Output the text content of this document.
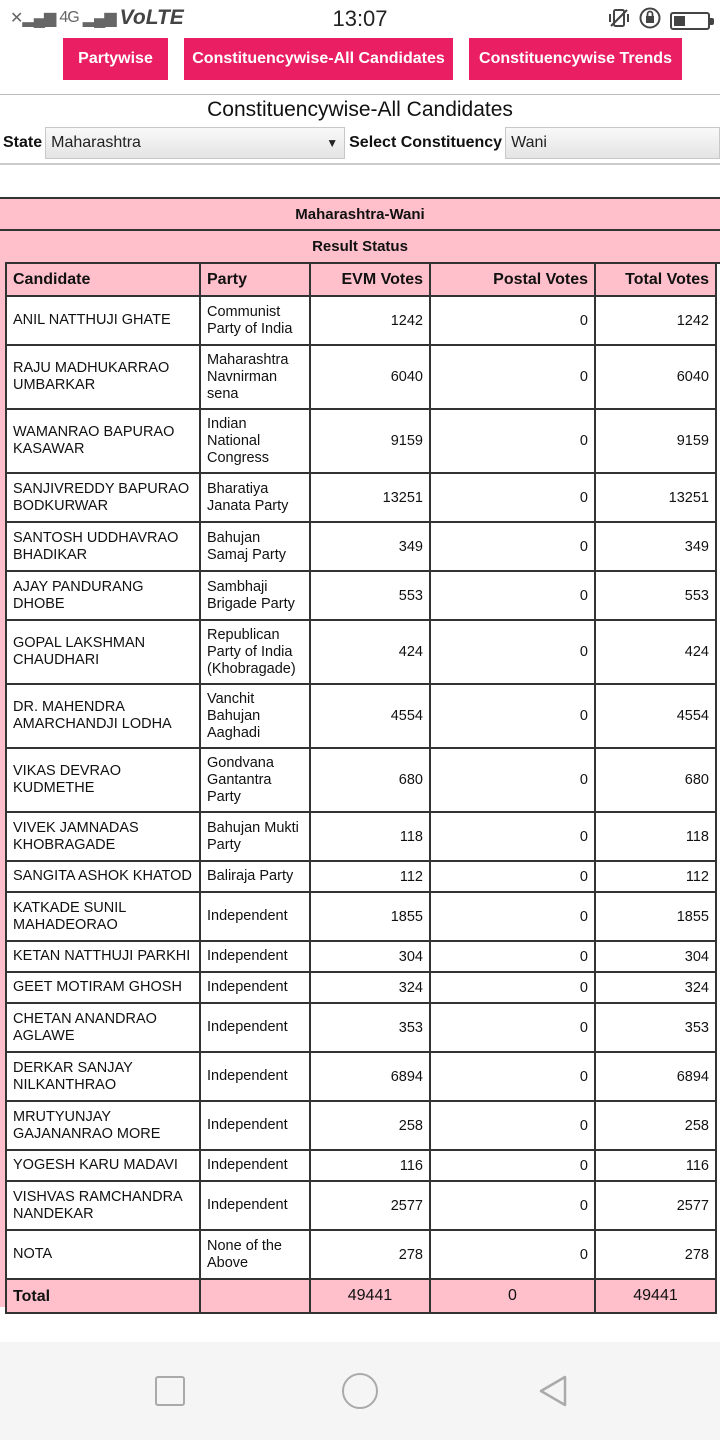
✕▂▄▆ 4G ▂▄▆ VoLTE	13:07
Partywise	Constituencywise-All Candidates	Constituencywise Trends
Constituencywise-All Candidates
State Maharashtra	▼ Select Constituency Wani
Maharashtra-Wani
Result Status
Candidate	Party	EVM Votes	Postal Votes	Total Votes
ANIL NATTHUJI GHATE	Communist Party of India	1242	0	1242
RAJU MADHUKARRAO UMBARKAR	Maharashtra Navnirman sena	6040	0	6040
WAMANRAO BAPURAO KASAWAR	Indian National Congress	9159	0	9159
SANJIVREDDY BAPURAO BODKURWAR	Bharatiya Janata Party	13251	0	13251
SANTOSH UDDHAVRAO BHADIKAR	Bahujan Samaj Party	349	0	349
AJAY PANDURANG DHOBE	Sambhaji Brigade Party	553	0	553
GOPAL LAKSHMAN CHAUDHARI	Republican Party of India (Khobragade)	424	0	424
DR. MAHENDRA AMARCHANDJI LODHA	Vanchit Bahujan Aaghadi	4554	0	4554
VIKAS DEVRAO KUDMETHE	Gondvana Gantantra Party	680	0	680
VIVEK JAMNADAS KHOBRAGADE	Bahujan Mukti Party	118	0	118
SANGITA ASHOK KHATOD	Baliraja Party	112	0	112
KATKADE SUNIL MAHADEORAO	Independent	1855	0	1855
KETAN NATTHUJI PARKHI	Independent	304	0	304
GEET MOTIRAM GHOSH	Independent	324	0	324
CHETAN ANANDRAO AGLAWE	Independent	353	0	353
DERKAR SANJAY NILKANTHRAO	Independent	6894	0	6894
MRUTYUNJAY GAJANANRAO MORE	Independent	258	0	258
YOGESH KARU MADAVI	Independent	116	0	116
VISHVAS RAMCHANDRA NANDEKAR	Independent	2577	0	2577
NOTA	None of the Above	278	0	278
Total		49441	0	49441
